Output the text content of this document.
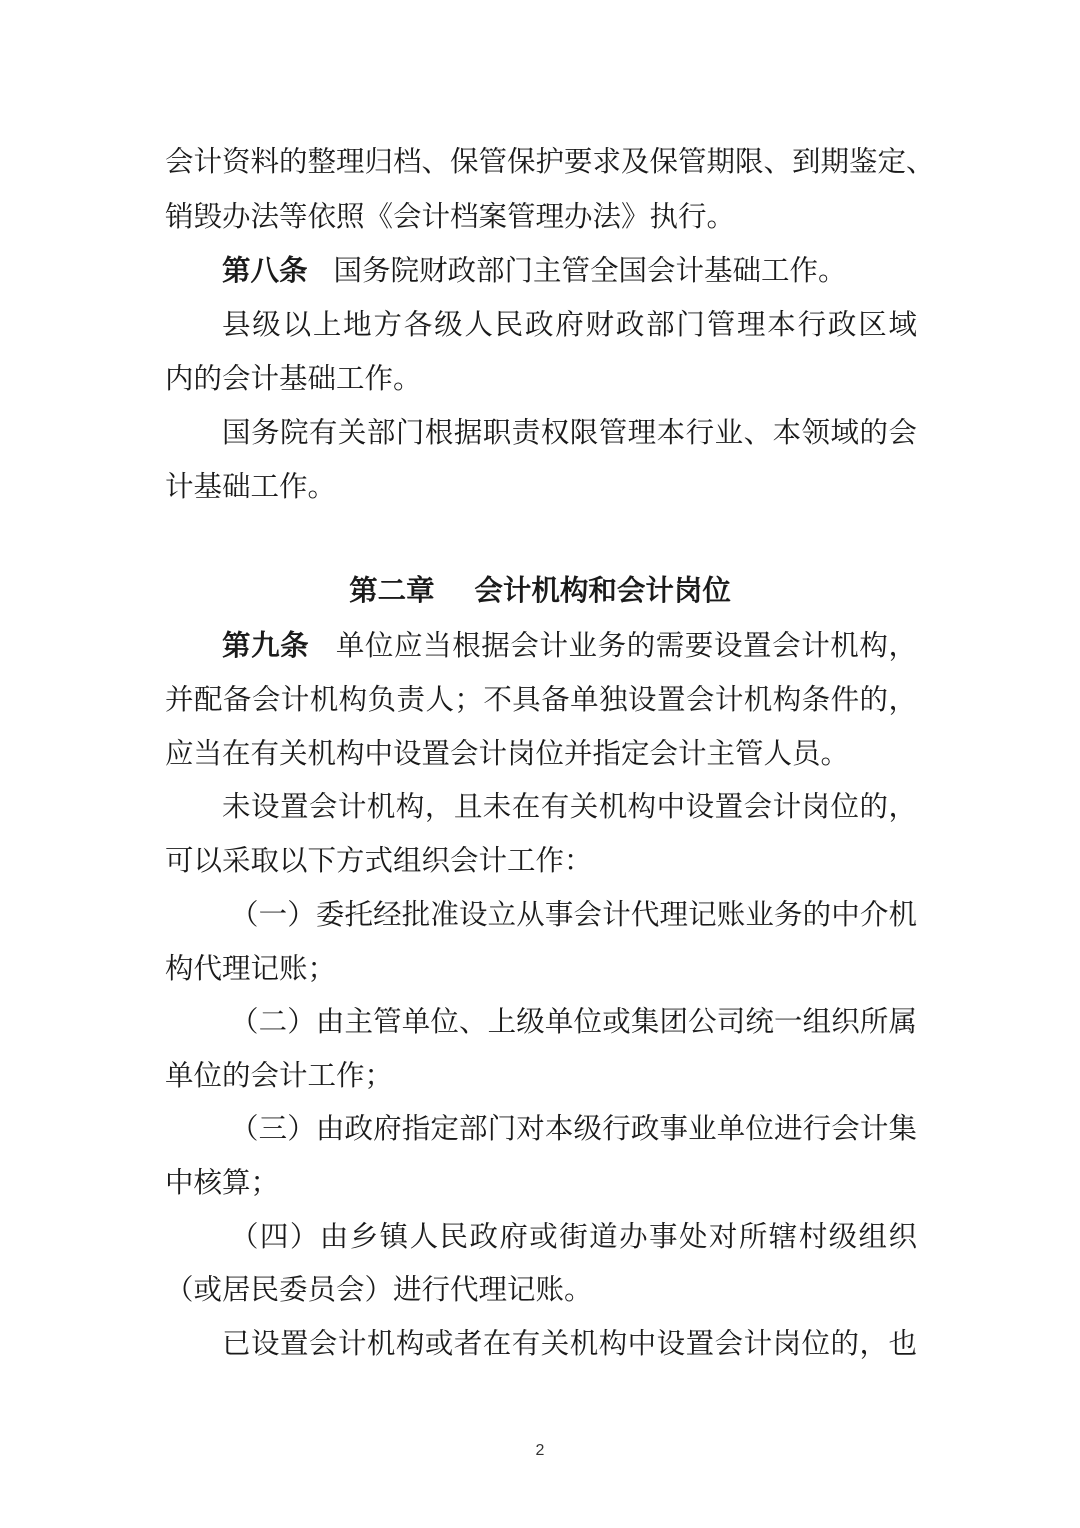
会计资料的整理归档、保管保护要求及保管期限、到期鉴定、
销毁办法等依照《会计档案管理办法》执行。
第八条 国务院财政部门主管全国会计基础工作。
县级以上地方各级人民政府财政部门管理本行政区域
内的会计基础工作。
国务院有关部门根据职责权限管理本行业、本领域的会
计基础工作。
第二章    会计机构和会计岗位
第九条 单位应当根据会计业务的需要设置会计机构，
并配备会计机构负责人；不具备单独设置会计机构条件的，
应当在有关机构中设置会计岗位并指定会计主管人员。
未设置会计机构，且未在有关机构中设置会计岗位的，
可以采取以下方式组织会计工作：
（一）委托经批准设立从事会计代理记账业务的中介机
构代理记账；
（二）由主管单位、上级单位或集团公司统一组织所属
单位的会计工作；
（三）由政府指定部门对本级行政事业单位进行会计集
中核算；
（四）由乡镇人民政府或街道办事处对所辖村级组织
（或居民委员会）进行代理记账。
已设置会计机构或者在有关机构中设置会计岗位的，也
2
